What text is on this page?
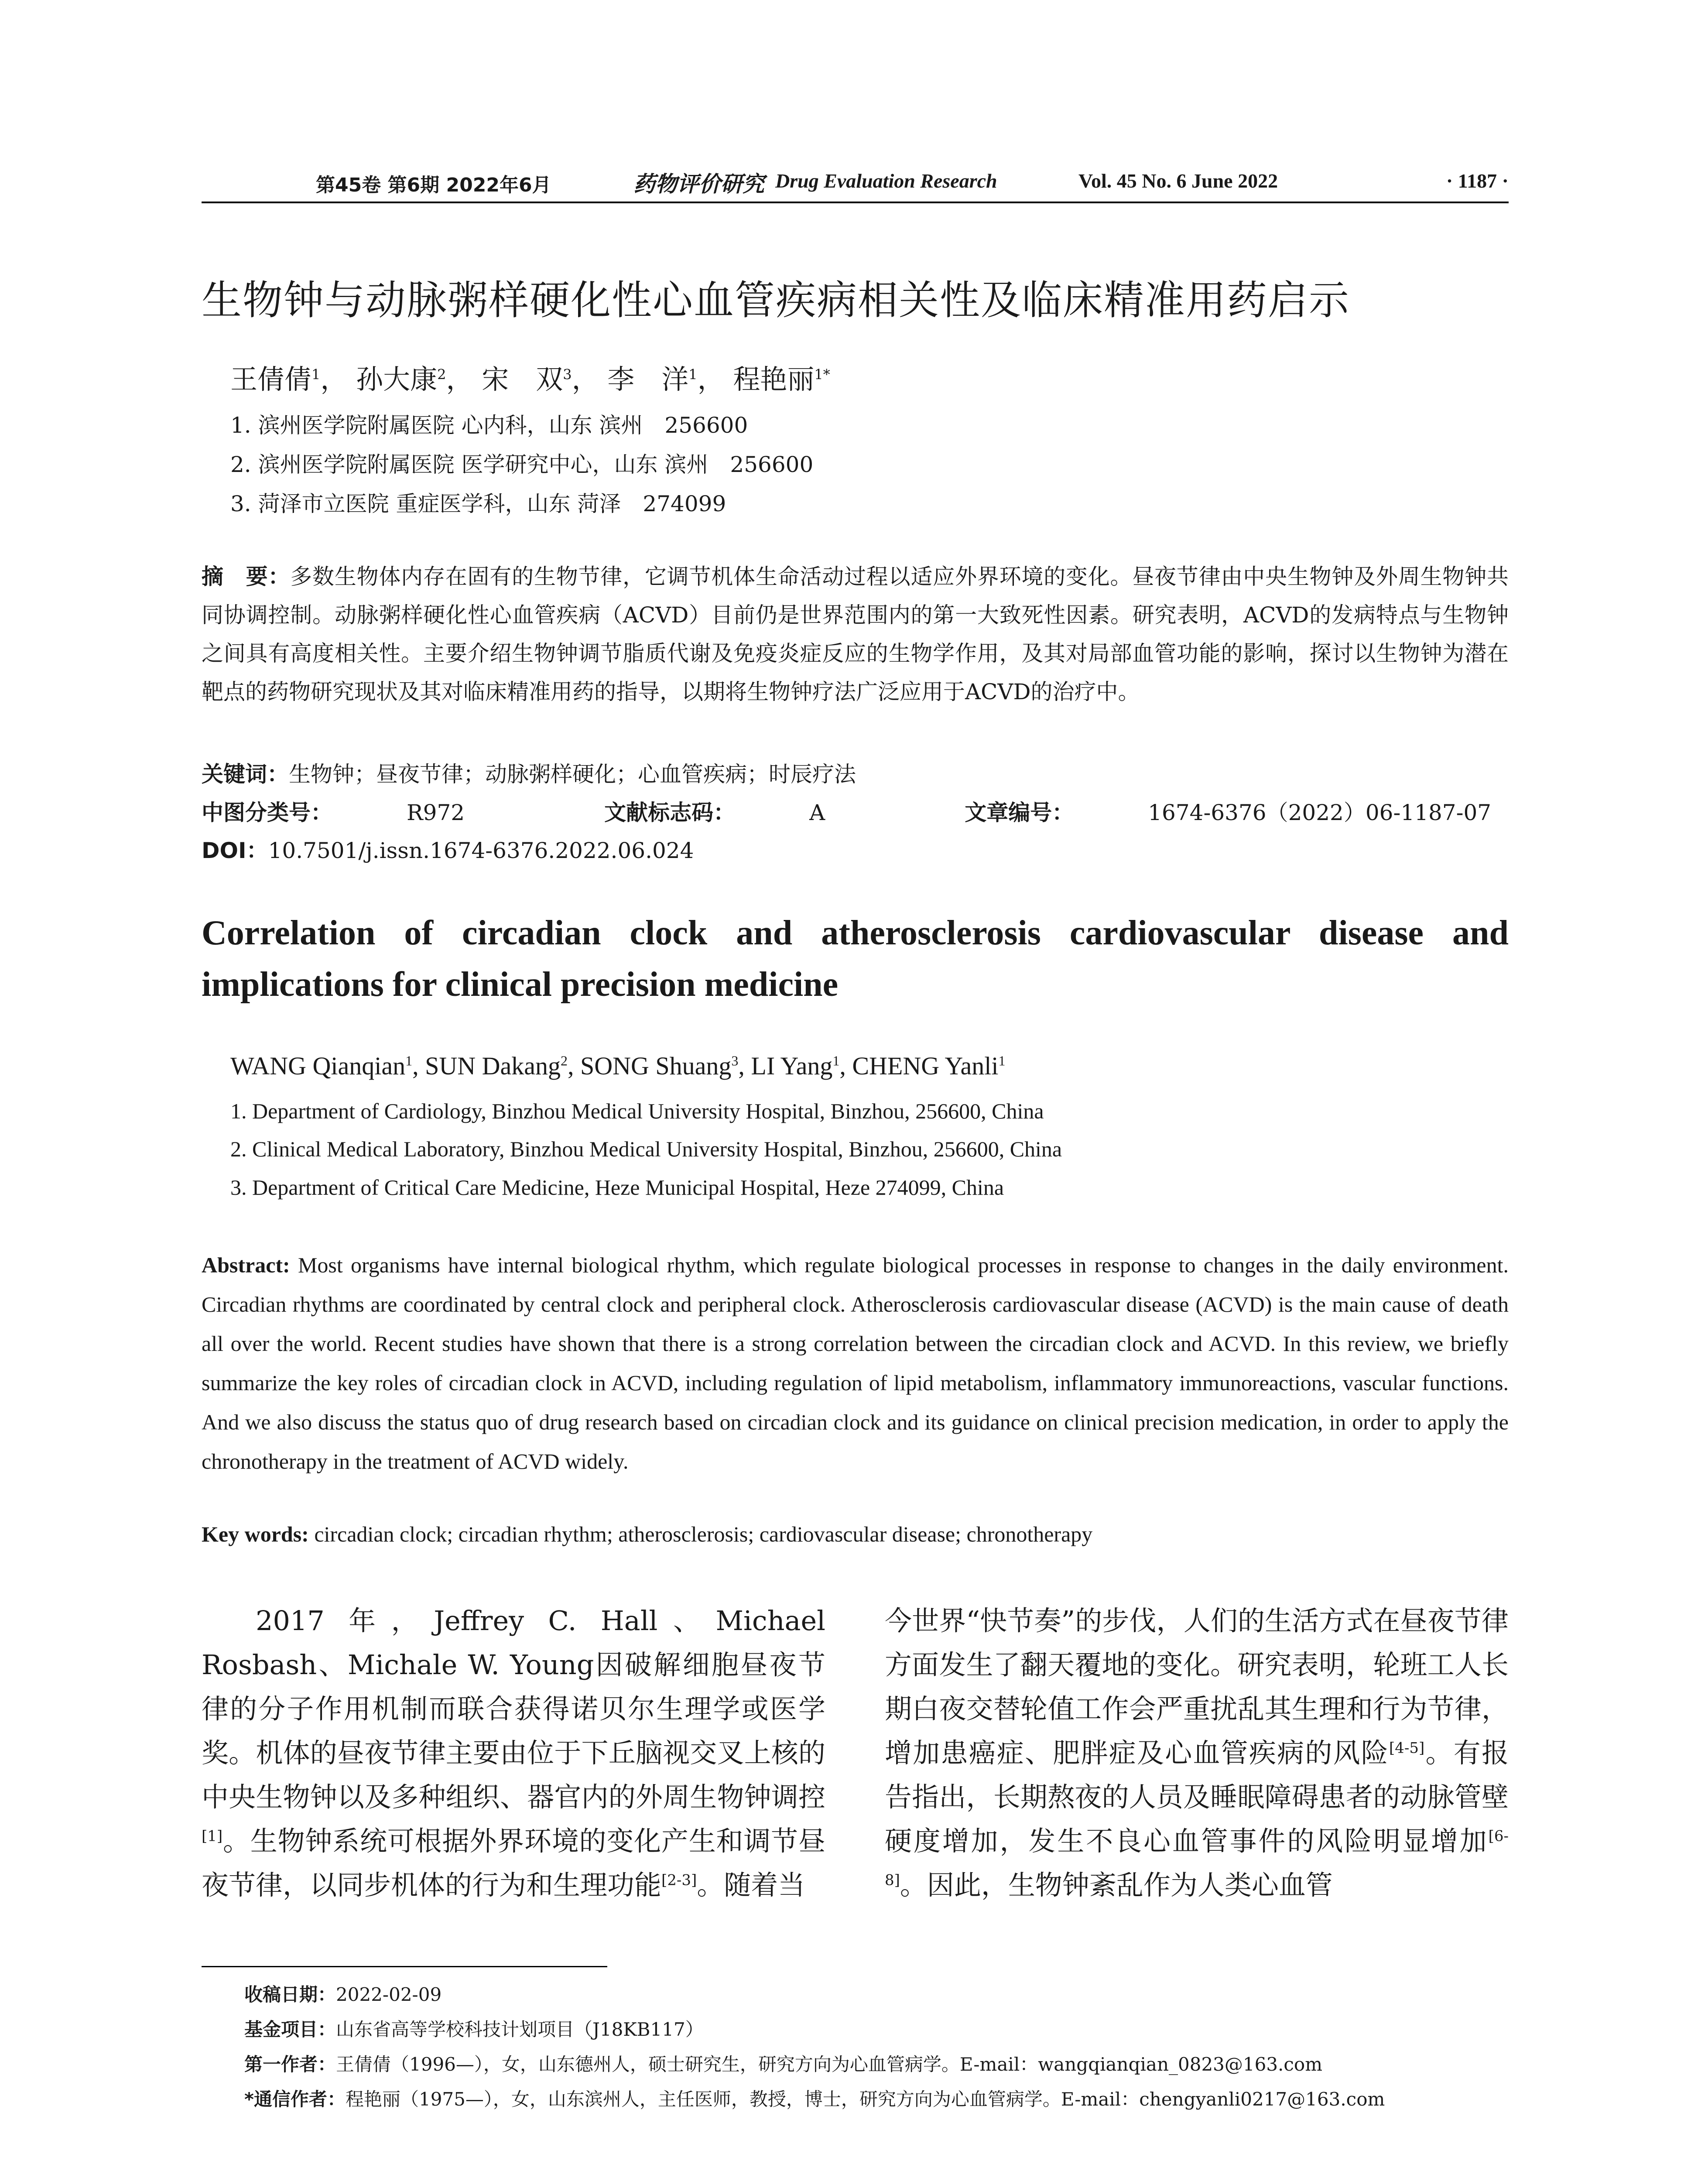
第45卷 第6期 2022年6月	药物评价研究 Drug Evaluation Research	Vol. 45 No. 6 June 2022	· 1187 ·
生物钟与动脉粥样硬化性心血管疾病相关性及临床精准用药启示
王倩倩$^1$， 孙大康$^2$， 宋　双$^3$， 李　洋$^1$， 程艳丽$^{1*}$
1. 滨州医学院附属医院 心内科，山东 滨州　256600
2. 滨州医学院附属医院 医学研究中心，山东 滨州　256600
3. 菏泽市立医院 重症医学科，山东 菏泽　274099
摘　要：多数生物体内存在固有的生物节律，它调节机体生命活动过程以适应外界环境的变化。昼夜节律由中央生物钟及外周生物钟共同协调控制。动脉粥样硬化性心血管疾病（ACVD）目前仍是世界范围内的第一大致死性因素。研究表明，ACVD的发病特点与生物钟之间具有高度相关性。主要介绍生物钟调节脂质代谢及免疫炎症反应的生物学作用，及其对局部血管功能的影响，探讨以生物钟为潜在靶点的药物研究现状及其对临床精准用药的指导，以期将生物钟疗法广泛应用于ACVD的治疗中。
关键词：生物钟；昼夜节律；动脉粥样硬化；心血管疾病；时辰疗法
中图分类号：	R972	文献标志码：	A	文章编号：	1674-6376（2022）06-1187-07
DOI：10.7501/j.issn.1674-6376.2022.06.024
Correlation of circadian clock and atherosclerosis cardiovascular disease and implications for clinical precision medicine
WANG Qianqian$^1$, SUN Dakang$^2$, SONG Shuang$^3$, LI Yang$^1$, CHENG Yanli$^1$
1. Department of Cardiology, Binzhou Medical University Hospital, Binzhou, 256600, China
2. Clinical Medical Laboratory, Binzhou Medical University Hospital, Binzhou, 256600, China
3. Department of Critical Care Medicine, Heze Municipal Hospital, Heze 274099, China
Abstract: Most organisms have internal biological rhythm, which regulate biological processes in response to changes in the daily environment. Circadian rhythms are coordinated by central clock and peripheral clock. Atherosclerosis cardiovascular disease (ACVD) is the main cause of death all over the world. Recent studies have shown that there is a strong correlation between the circadian clock and ACVD. In this review, we briefly summarize the key roles of circadian clock in ACVD, including regulation of lipid metabolism, inflammatory immunoreactions, vascular functions. And we also discuss the status quo of drug research based on circadian clock and its guidance on clinical precision medication, in order to apply the chronotherapy in the treatment of ACVD widely.
Key words: circadian clock; circadian rhythm; atherosclerosis; cardiovascular disease; chronotherapy
2017 年，Jeffrey C. Hall、Michael Rosbash、Michale W. Young因破解细胞昼夜节律的分子作用机制而联合获得诺贝尔生理学或医学奖。机体的昼夜节律主要由位于下丘脑视交叉上核的中央生物钟以及多种组织、器官内的外周生物钟调控[1]。生物钟系统可根据外界环境的变化产生和调节昼夜节律，以同步机体的行为和生理功能[2-3]。随着当
今世界“快节奏”的步伐，人们的生活方式在昼夜节律方面发生了翻天覆地的变化。研究表明，轮班工人长期白夜交替轮值工作会严重扰乱其生理和行为节律，增加患癌症、肥胖症及心血管疾病的风险[4-5]。有报告指出，长期熬夜的人员及睡眠障碍患者的动脉管壁硬度增加，发生不良心血管事件的风险明显增加[6-8]。因此，生物钟紊乱作为人类心血管
收稿日期：2022-02-09
基金项目：山东省高等学校科技计划项目（J18KB117）
第一作者：王倩倩（1996—），女，山东德州人，硕士研究生，研究方向为心血管病学。E-mail：wangqianqian_0823@163.com
*通信作者：程艳丽（1975—），女，山东滨州人，主任医师，教授，博士，研究方向为心血管病学。E-mail：chengyanli0217@163.com
